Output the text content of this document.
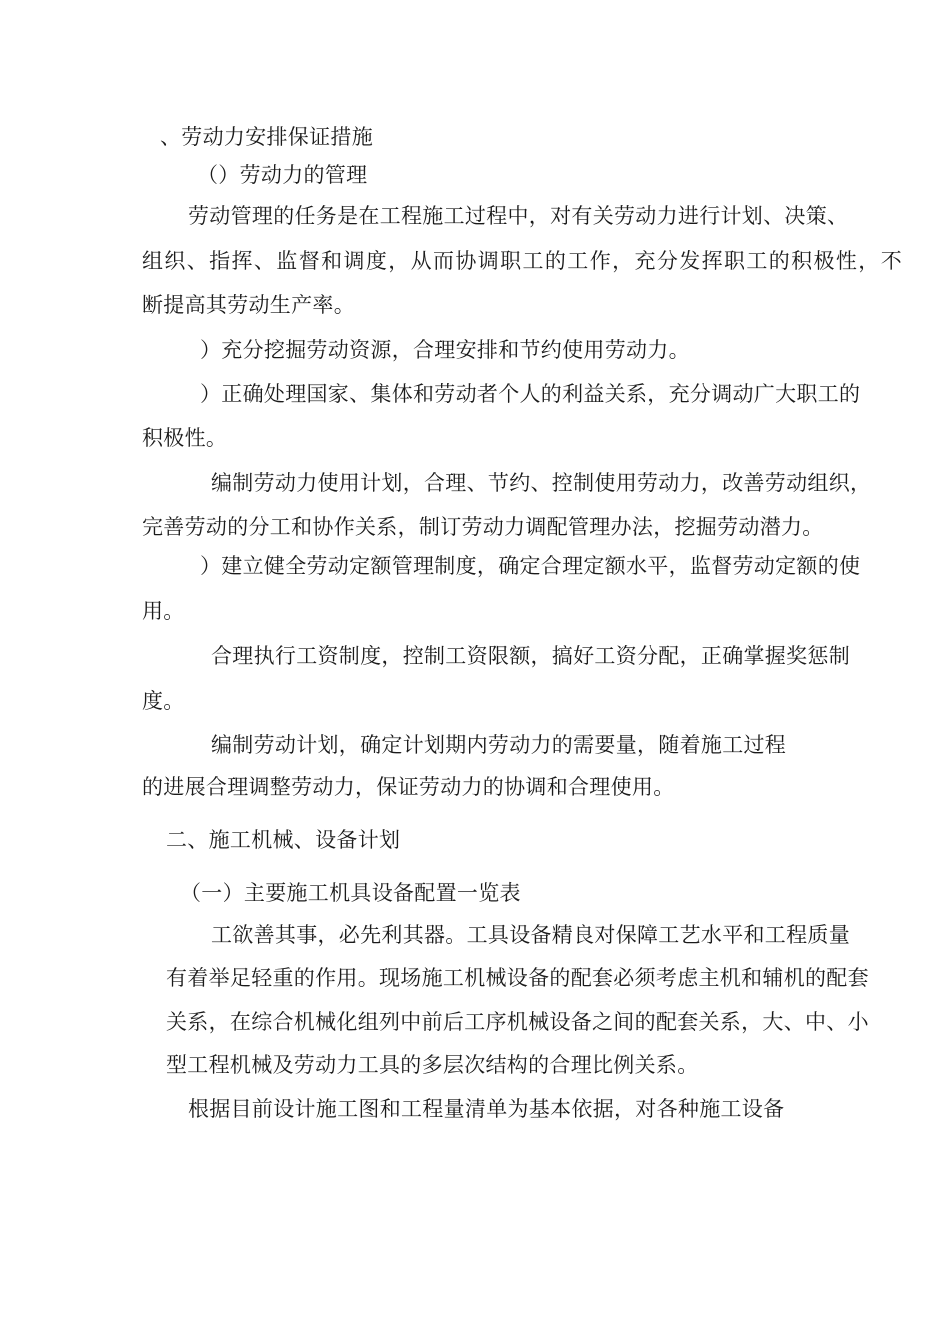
、劳动力安排保证措施
（）劳动力的管理
劳动管理的任务是在工程施工过程中，对有关劳动力进行计划、决策、
组织、指挥、监督和调度，从而协调职工的工作，充分发挥职工的积极性，不
断提高其劳动生产率。
）充分挖掘劳动资源，合理安排和节约使用劳动力。
）正确处理国家、集体和劳动者个人的利益关系，充分调动广大职工的
积极性。
编制劳动力使用计划，合理、节约、控制使用劳动力，改善劳动组织，
完善劳动的分工和协作关系，制订劳动力调配管理办法，挖掘劳动潜力。
）建立健全劳动定额管理制度，确定合理定额水平，监督劳动定额的使
用。
合理执行工资制度，控制工资限额，搞好工资分配，正确掌握奖惩制
度。
编制劳动计划，确定计划期内劳动力的需要量，随着施工过程
的进展合理调整劳动力，保证劳动力的协调和合理使用。
二、施工机械、设备计划
（一）主要施工机具设备配置一览表
工欲善其事，必先利其器。工具设备精良对保障工艺水平和工程质量
有着举足轻重的作用。现场施工机械设备的配套必须考虑主机和辅机的配套
关系，在综合机械化组列中前后工序机械设备之间的配套关系，大、中、小
型工程机械及劳动力工具的多层次结构的合理比例关系。
根据目前设计施工图和工程量清单为基本依据，对各种施工设备
